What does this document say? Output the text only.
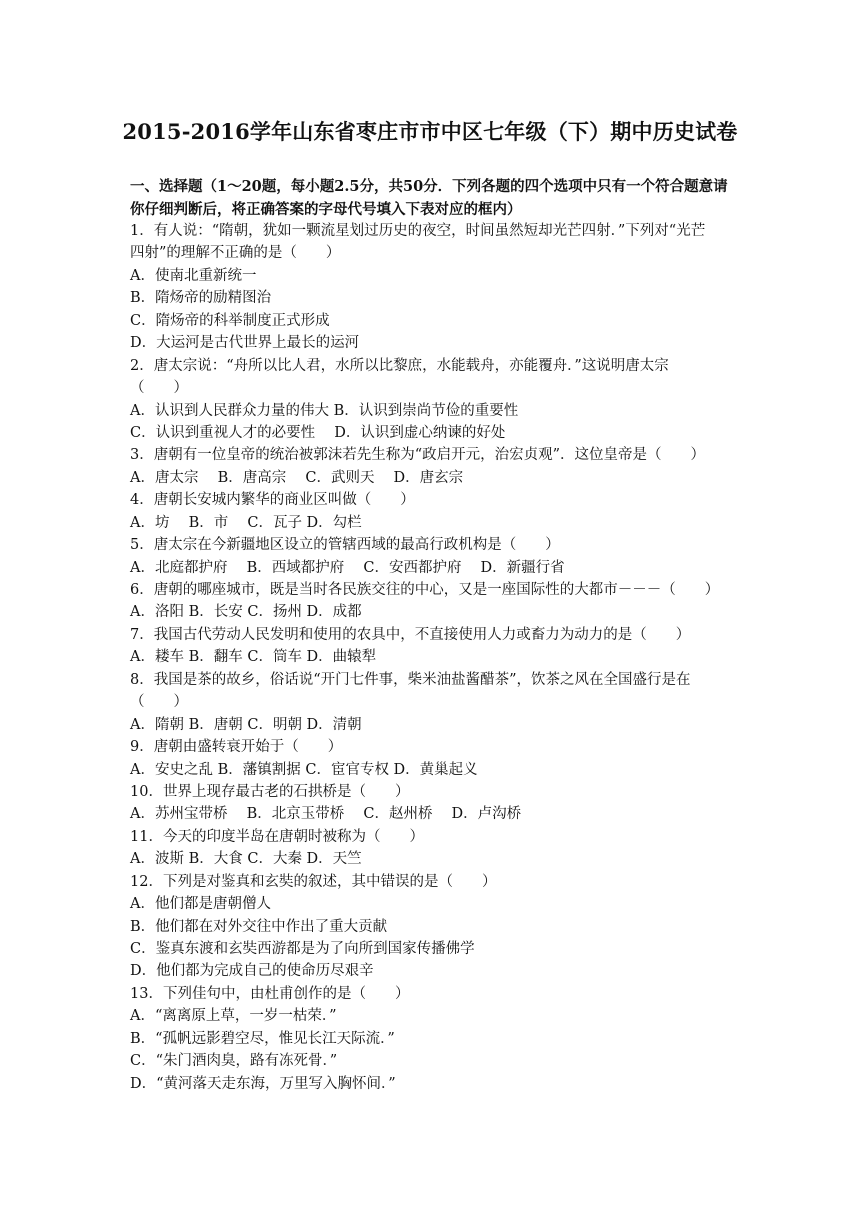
2015-2016学年山东省枣庄市市中区七年级（下）期中历史试卷
一、选择题（1～20题，每小题2.5分，共50分．下列各题的四个选项中只有一个符合题意请你仔细判断后，将正确答案的字母代号填入下表对应的框内）
1．有人说：“隋朝，犹如一颗流星划过历史的夜空，时间虽然短却光芒四射．”下列对“光芒
四射”的理解不正确的是（　　）
A．使南北重新统一
B．隋炀帝的励精图治
C．隋炀帝的科举制度正式形成
D．大运河是古代世界上最长的运河
2．唐太宗说：“舟所以比人君，水所以比黎庶，水能载舟，亦能覆舟．”这说明唐太宗
（　　）
A．认识到人民群众力量的伟大 B．认识到崇尚节俭的重要性
C．认识到重视人才的必要性　 D．认识到虚心纳谏的好处
3．唐朝有一位皇帝的统治被郭沫若先生称为“政启开元，治宏贞观”．这位皇帝是（　　）
A．唐太宗　 B．唐高宗　 C．武则天　 D．唐玄宗
4．唐朝长安城内繁华的商业区叫做（　　）
A．坊　 B．市　 C．瓦子 D．勾栏
5．唐太宗在今新疆地区设立的管辖西域的最高行政机构是（　　）
A．北庭都护府　 B．西域都护府　 C．安西都护府　 D．新疆行省
6．唐朝的哪座城市，既是当时各民族交往的中心，又是一座国际性的大都市－－－（　　）
A．洛阳 B．长安 C．扬州 D．成都
7．我国古代劳动人民发明和使用的农具中，不直接使用人力或畜力为动力的是（　　）
A．耧车 B．翻车 C．筒车 D．曲辕犁
8．我国是茶的故乡，俗话说“开门七件事，柴米油盐酱醋茶”，饮茶之风在全国盛行是在
（　　）
A．隋朝 B．唐朝 C．明朝 D．清朝
9．唐朝由盛转衰开始于（　　）
A．安史之乱 B．藩镇割据 C．宦官专权 D．黄巢起义
10．世界上现存最古老的石拱桥是（　　）
A．苏州宝带桥　 B．北京玉带桥　 C．赵州桥　 D．卢沟桥
11．今天的印度半岛在唐朝时被称为（　　）
A．波斯 B．大食 C．大秦 D．天竺
12．下列是对鉴真和玄奘的叙述，其中错误的是（　　）
A．他们都是唐朝僧人
B．他们都在对外交往中作出了重大贡献
C．鉴真东渡和玄奘西游都是为了向所到国家传播佛学
D．他们都为完成自己的使命历尽艰辛
13．下列佳句中，由杜甫创作的是（　　）
A．“离离原上草，一岁一枯荣．”
B．“孤帆远影碧空尽，惟见长江天际流．”
C．“朱门酒肉臭，路有冻死骨．”
D．“黄河落天走东海，万里写入胸怀间．”
